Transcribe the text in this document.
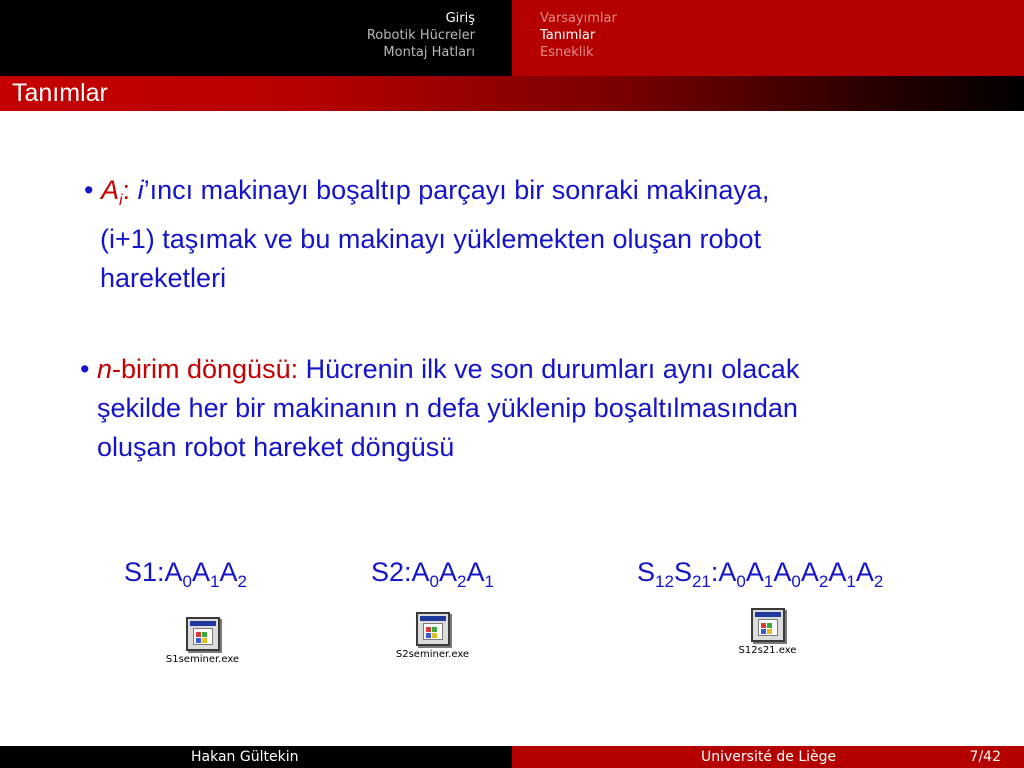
Giriş
Robotik Hücreler
Montaj Hatları
Varsayımlar
Tanımlar
Esneklik
Tanımlar
• $A_i$: i’ıncı makinayı boşaltıp parçayı bir sonraki makinaya,
(i+1) taşımak ve bu makinayı yüklemekten oluşan robot
hareketleri
• n-birim döngüsü: Hücrenin ilk ve son durumları aynı olacak
şekilde her bir makinanın n defa yüklenip boşaltılmasından
oluşan robot hareket döngüsü
$S1:A_0A_1A_2$	$S2:A_0A_2A_1$	$S_{12}S_{21}:A_0A_1A_0A_2A_1A_2$
S1seminer.exe	S2seminer.exe	S12s21.exe
Hakan Gültekin	Université de Liège	7/42
